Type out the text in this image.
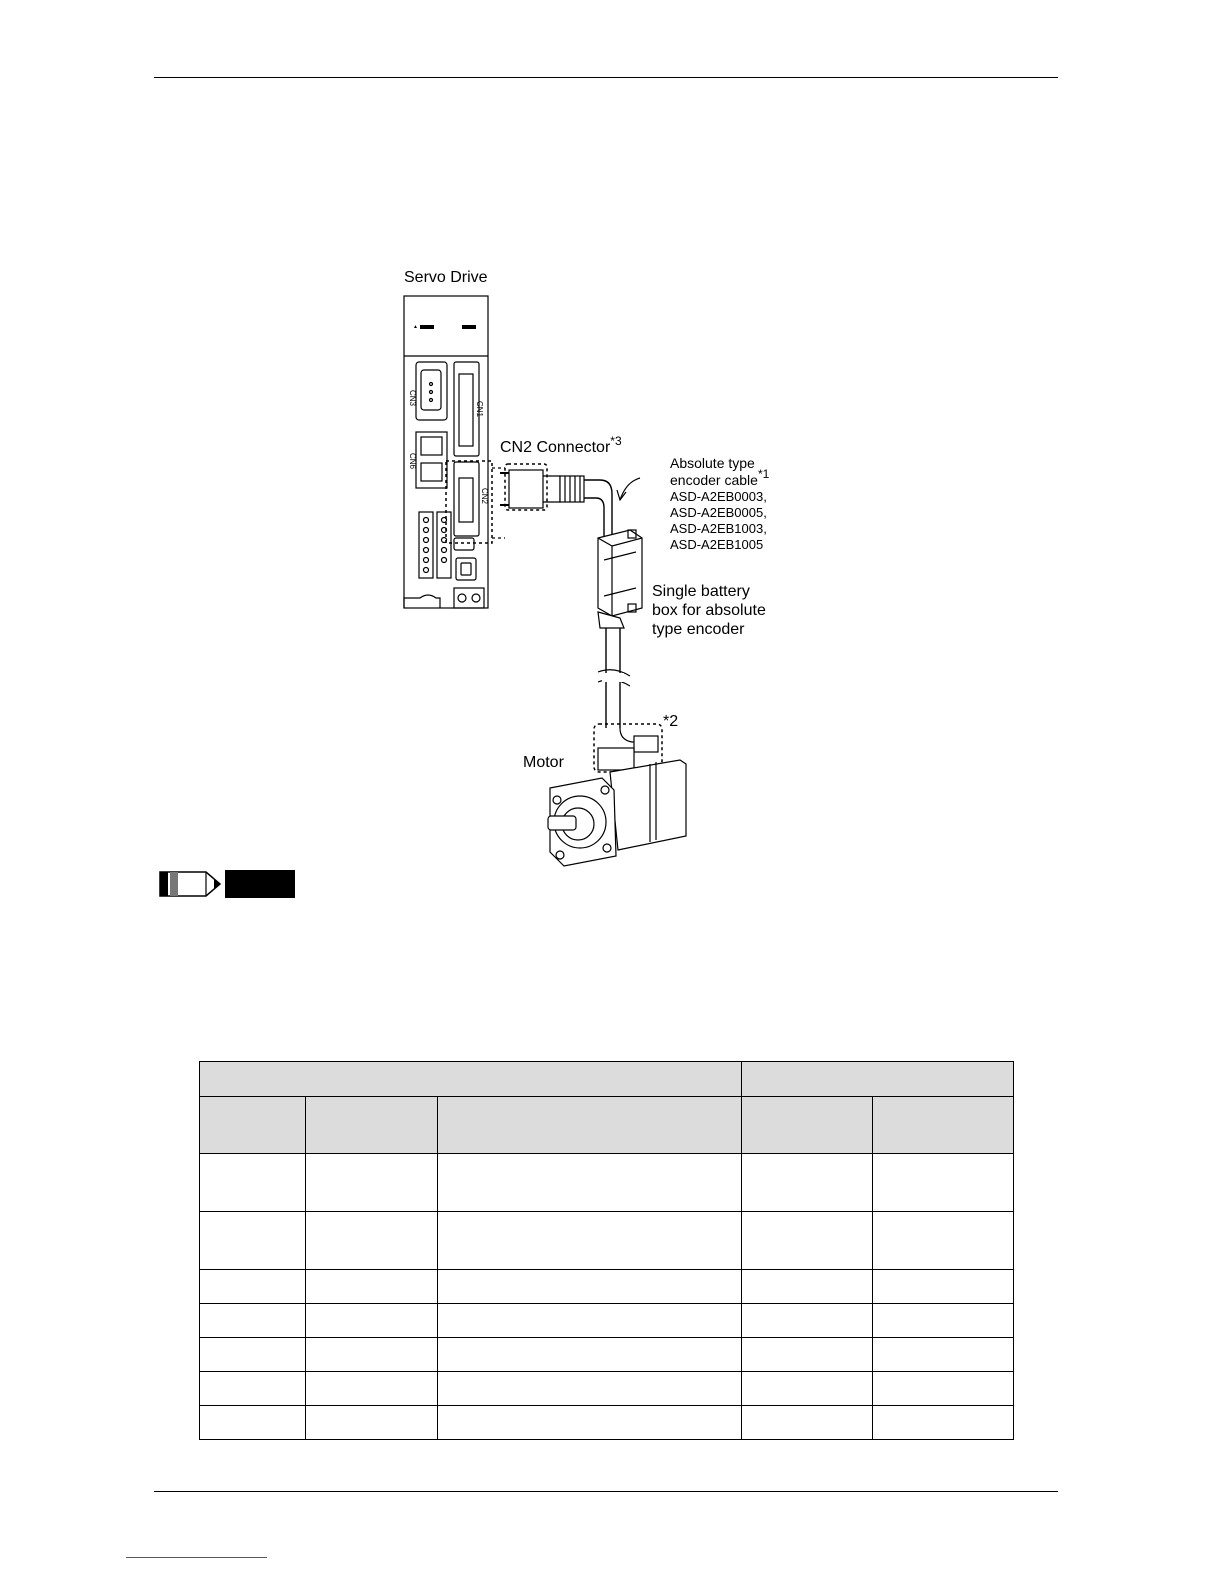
▲
CN3
CN1
CN6
CN2
Servo Drive
CN2 Connector$^{*3}$
Absolute type
encoder cable$^{*1}$
ASD-A2EB0003,
ASD-A2EB0005,
ASD-A2EB1003,
ASD-A2EB1005
Single battery
box for absolute
type encoder
*2
Motor
